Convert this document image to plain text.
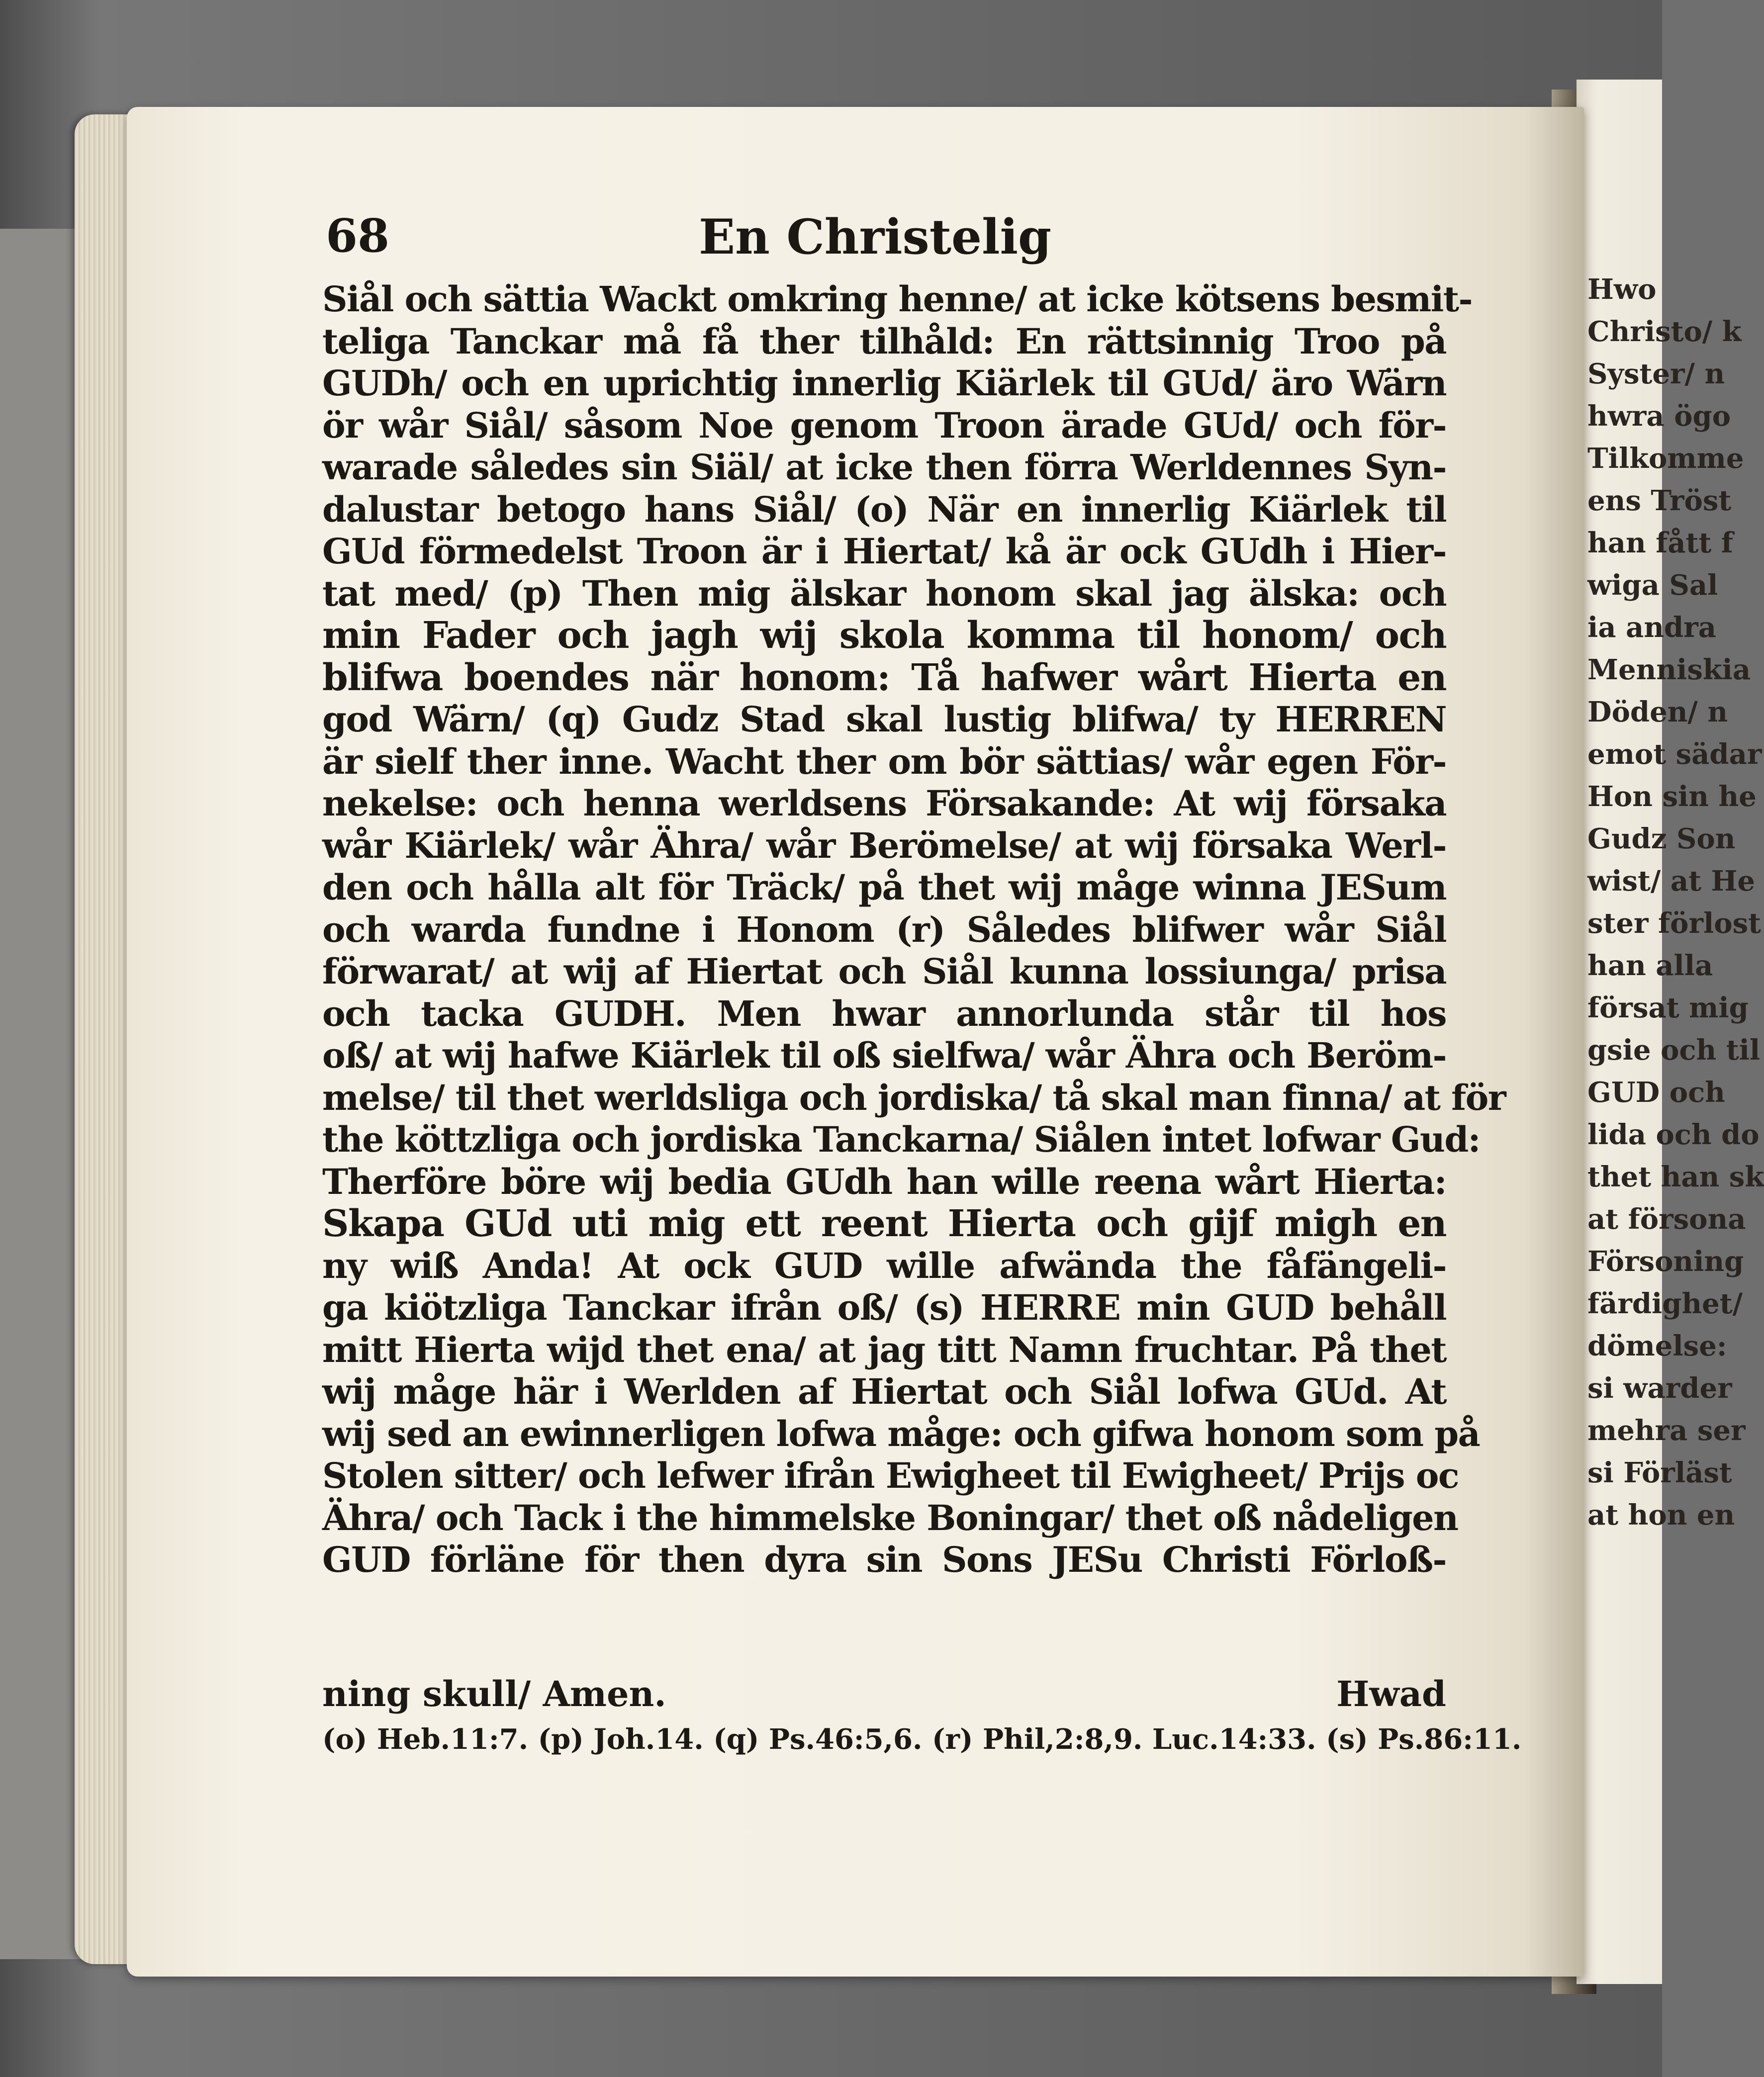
Hwo
Christo/ k
Syster/ n
hwra ögo
Tilkomme
ens Tröst
han fått f
wiga Sal
ia andra
Menniskia
Döden/ n
emot sädar
Hon sin he
Gudz Son
wist/ at He
ster förlost
han alla
försat mig
gsie och til
GUD och
lida och do
thet han sk
at försona
Försoning
färdighet/
dömelse:
si warder
mehra ser
si Förläst
at hon en
68	En Christelig
Siål och sättia Wackt omkring henne/ at icke kötsens besmit-
teliga Tanckar må få ther tilhåld: En rättsinnig Troo på
GUDh/ och en uprichtig innerlig Kiärlek til GUd/ äro Wärn
ör wår Siål/ såsom Noe genom Troon ärade GUd/ och för-
warade således sin Siäl/ at icke then förra Werldennes Syn-
dalustar betogo hans Siål/ (o) När en innerlig Kiärlek til
GUd förmedelst Troon är i Hiertat/ kå är ock GUdh i Hier-
tat med/ (p) Then mig älskar honom skal jag älska: och
min Fader och jagh wij skola komma til honom/ och
blifwa boendes när honom: Tå hafwer wårt Hierta en
god Wärn/ (q) Gudz Stad skal lustig blifwa/ ty HERREN
är sielf ther inne. Wacht ther om bör sättias/ wår egen För-
nekelse: och henna werldsens Försakande: At wij försaka
wår Kiärlek/ wår Ähra/ wår Berömelse/ at wij försaka Werl-
den och hålla alt för Träck/ på thet wij måge winna JESum
och warda fundne i Honom (r) Således blifwer wår Siål
förwarat/ at wij af Hiertat och Siål kunna lossiunga/ prisa
och tacka GUDH. Men hwar annorlunda står til hos
oß/ at wij hafwe Kiärlek til oß sielfwa/ wår Ähra och Beröm-
melse/ til thet werldsliga och jordiska/ tå skal man finna/ at för
the köttzliga och jordiska Tanckarna/ Siålen intet lofwar Gud:
Therföre böre wij bedia GUdh han wille reena wårt Hierta:
Skapa GUd uti mig ett reent Hierta och gijf migh en
ny wiß Anda! At ock GUD wille afwända the fåfängeli-
ga kiötzliga Tanckar ifrån oß/ (s) HERRE min GUD behåll
mitt Hierta wijd thet ena/ at jag titt Namn fruchtar. På thet
wij måge här i Werlden af Hiertat och Siål lofwa GUd. At
wij sed an ewinnerligen lofwa måge: och gifwa honom som på
Stolen sitter/ och lefwer ifrån Ewigheet til Ewigheet/ Prijs oc
Ähra/ och Tack i the himmelske Boningar/ thet oß nådeligen
GUD förläne för then dyra sin Sons JESu Christi Förloß-
ning skull/ Amen.	Hwad
(o) Heb.11:7. (p) Joh.14. (q) Ps.46:5,6. (r) Phil,2:8,9. Luc.14:33. (s) Ps.86:11.
